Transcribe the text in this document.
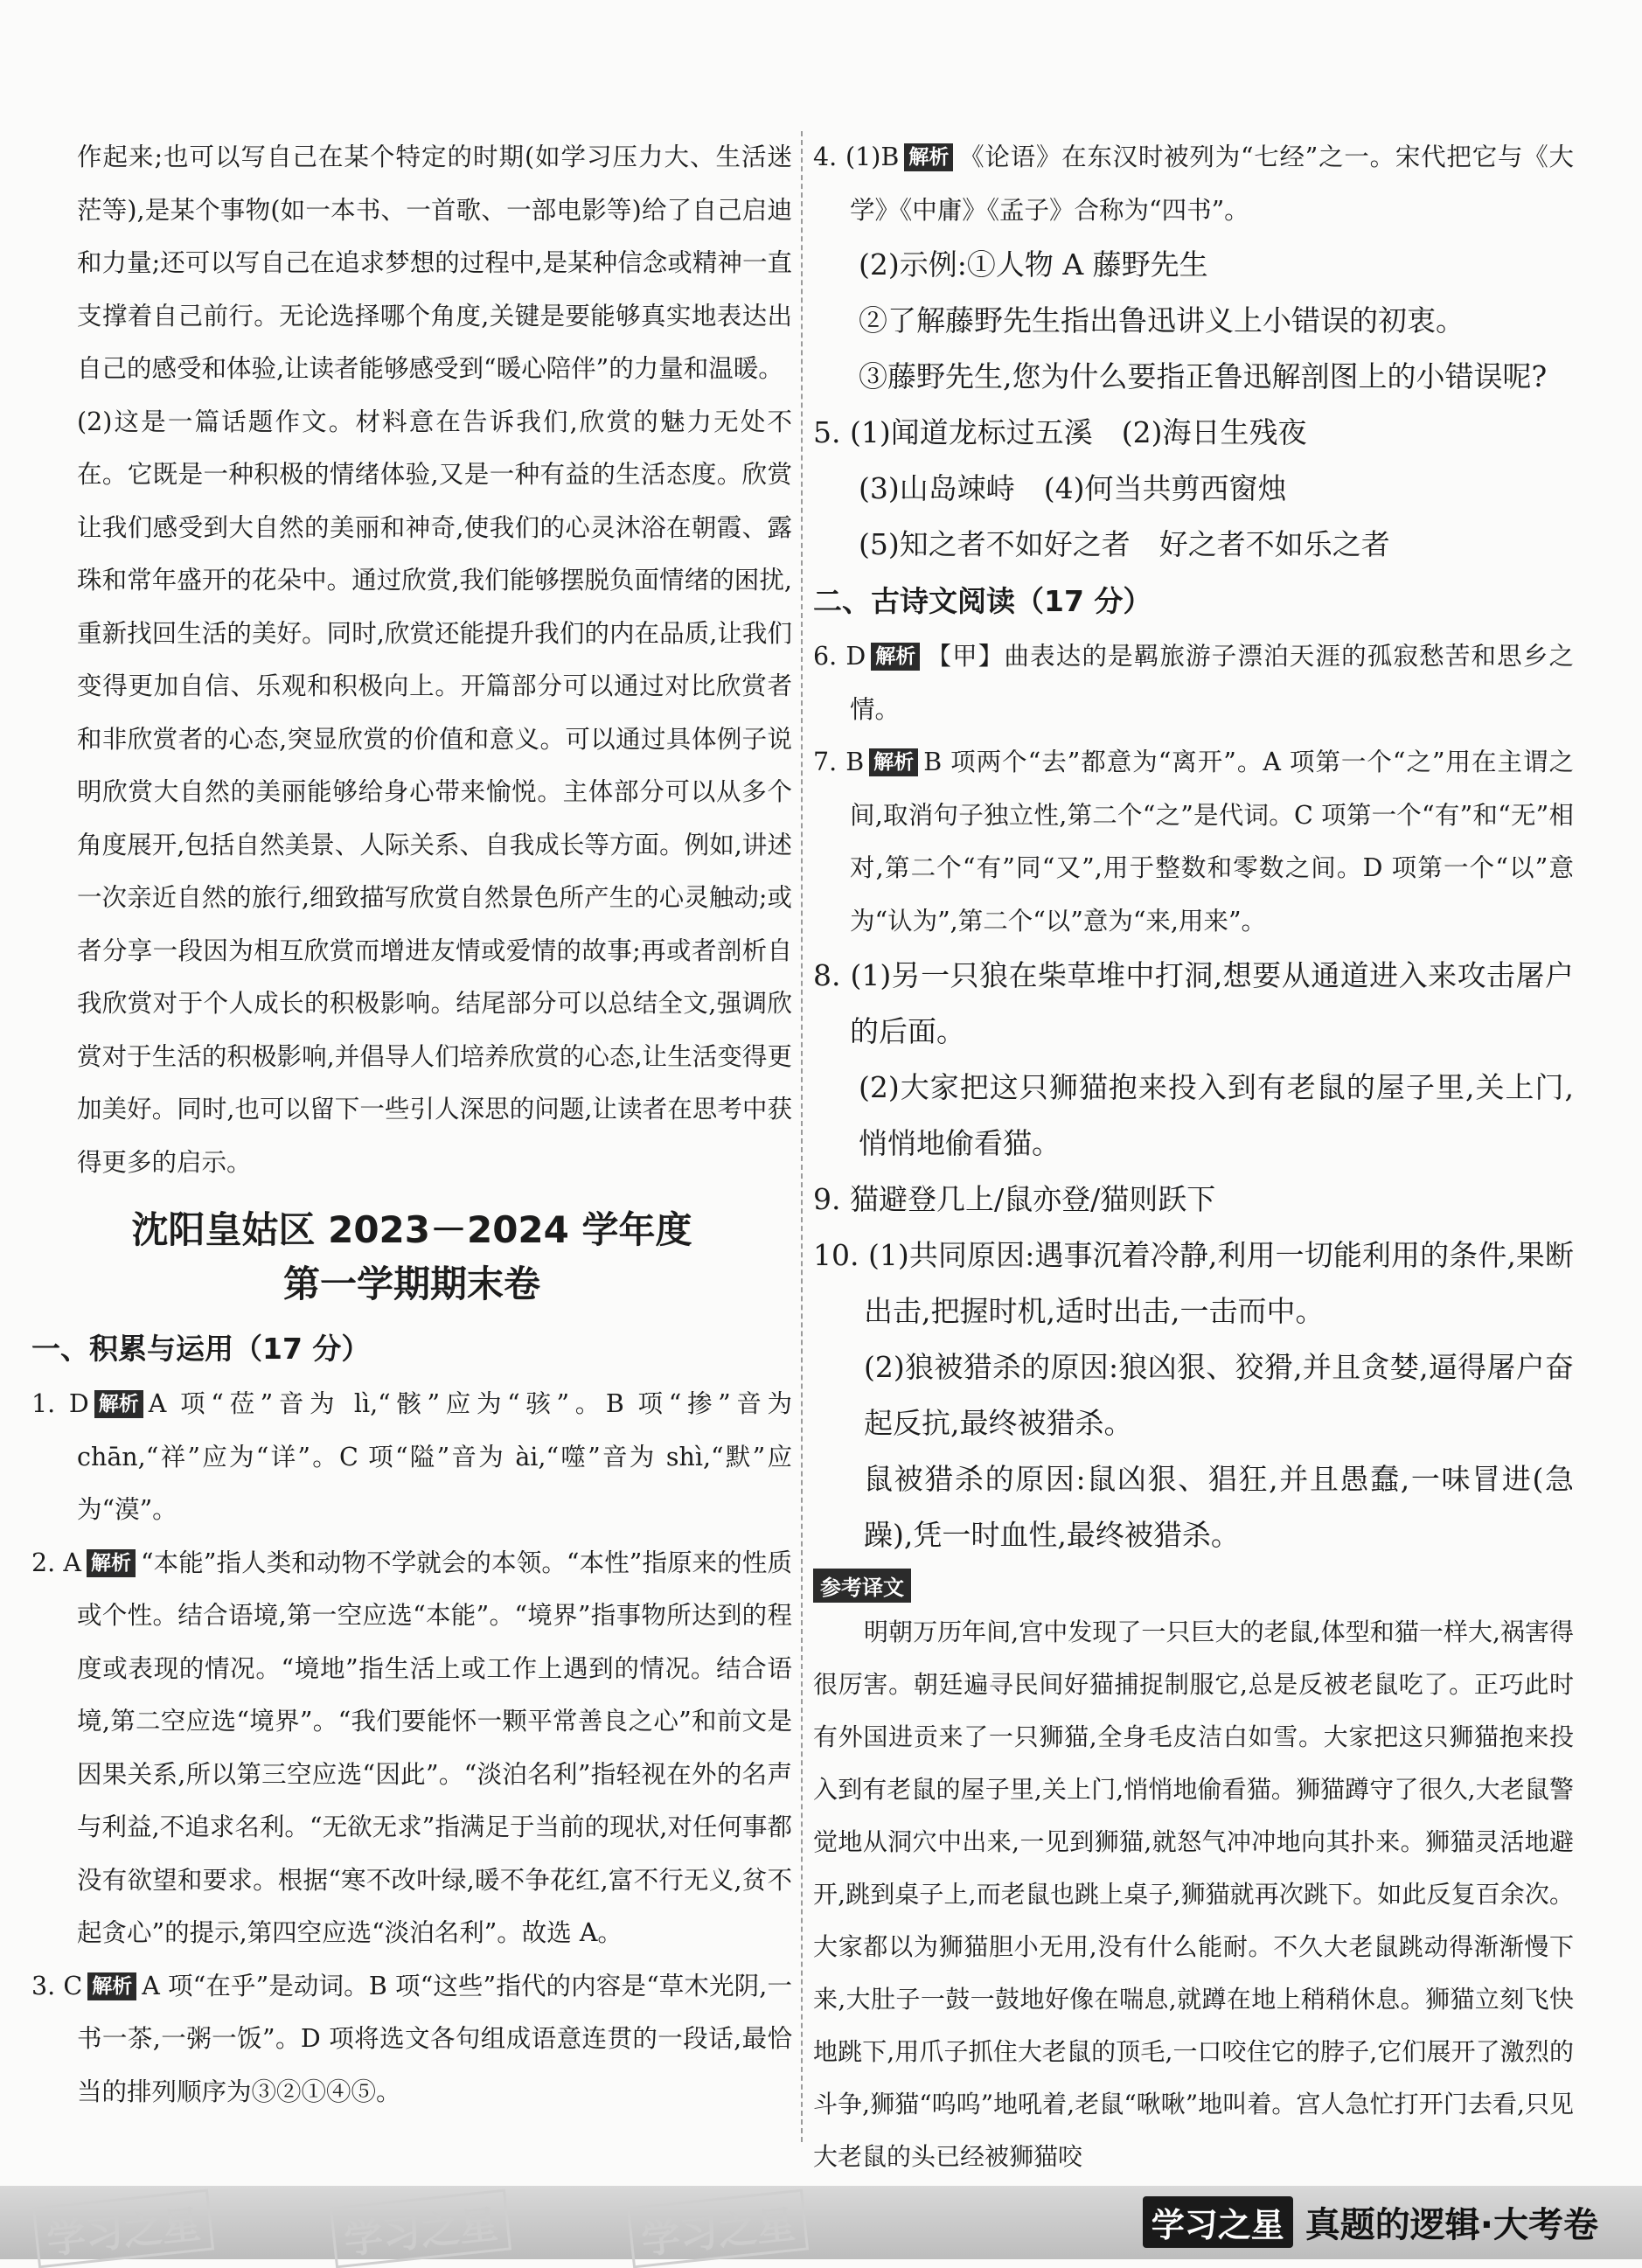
作起来;也可以写自己在某个特定的时期(如学习压力大、生活迷茫等),是某个事物(如一本书、一首歌、一部电影等)给了自己启迪和力量;还可以写自己在追求梦想的过程中,是某种信念或精神一直支撑着自己前行。无论选择哪个角度,关键是要能够真实地表达出自己的感受和体验,让读者能够感受到“暖心陪伴”的力量和温暖。

(2)这是一篇话题作文。材料意在告诉我们,欣赏的魅力无处不在。它既是一种积极的情绪体验,又是一种有益的生活态度。欣赏让我们感受到大自然的美丽和神奇,使我们的心灵沐浴在朝霞、露珠和常年盛开的花朵中。通过欣赏,我们能够摆脱负面情绪的困扰,重新找回生活的美好。同时,欣赏还能提升我们的内在品质,让我们变得更加自信、乐观和积极向上。开篇部分可以通过对比欣赏者和非欣赏者的心态,突显欣赏的价值和意义。可以通过具体例子说明欣赏大自然的美丽能够给身心带来愉悦。主体部分可以从多个角度展开,包括自然美景、人际关系、自我成长等方面。例如,讲述一次亲近自然的旅行,细致描写欣赏自然景色所产生的心灵触动;或者分享一段因为相互欣赏而增进友情或爱情的故事;再或者剖析自我欣赏对于个人成长的积极影响。结尾部分可以总结全文,强调欣赏对于生活的积极影响,并倡导人们培养欣赏的心态,让生活变得更加美好。同时,也可以留下一些引人深思的问题,让读者在思考中获得更多的启示。

沈阳皇姑区 2023－2024 学年度
第一学期期末卷
一、积累与运用（17 分）

1. D 解析 A 项“莅”音为 lì,“骸”应为“骇”。B 项“掺”音为 chān,“祥”应为“详”。C 项“隘”音为 ài,“噬”音为 shì,“默”应为“漠”。

2. A 解析 “本能”指人类和动物不学就会的本领。“本性”指原来的性质或个性。结合语境,第一空应选“本能”。“境界”指事物所达到的程度或表现的情况。“境地”指生活上或工作上遇到的情况。结合语境,第二空应选“境界”。“我们要能怀一颗平常善良之心”和前文是因果关系,所以第三空应选“因此”。“淡泊名利”指轻视在外的名声与利益,不追求名利。“无欲无求”指满足于当前的现状,对任何事都没有欲望和要求。根据“寒不改叶绿,暖不争花红,富不行无义,贫不起贪心”的提示,第四空应选“淡泊名利”。故选 A。

3. C 解析 A 项“在乎”是动词。B 项“这些”指代的内容是“草木光阴,一书一茶,一粥一饭”。D 项将选文各句组成语意连贯的一段话,最恰当的排列顺序为③②①④⑤。

4. (1)B 解析 《论语》在东汉时被列为“七经”之一。宋代把它与《大学》《中庸》《孟子》合称为“四书”。

(2)示例:①人物 A 藤野先生

②了解藤野先生指出鲁迅讲义上小错误的初衷。

③藤野先生,您为什么要指正鲁迅解剖图上的小错误呢?

5. (1)闻道龙标过五溪　(2)海日生残夜

(3)山岛竦峙　(4)何当共剪西窗烛

(5)知之者不如好之者　好之者不如乐之者

二、古诗文阅读（17 分）

6. D 解析 【甲】曲表达的是羁旅游子漂泊天涯的孤寂愁苦和思乡之情。

7. B 解析 B 项两个“去”都意为“离开”。A 项第一个“之”用在主谓之间,取消句子独立性,第二个“之”是代词。C 项第一个“有”和“无”相对,第二个“有”同“又”,用于整数和零数之间。D 项第一个“以”意为“认为”,第二个“以”意为“来,用来”。

8. (1)另一只狼在柴草堆中打洞,想要从通道进入来攻击屠户的后面。

(2)大家把这只狮猫抱来投入到有老鼠的屋子里,关上门,悄悄地偷看猫。

9. 猫避登几上/鼠亦登/猫则跃下

10. (1)共同原因:遇事沉着冷静,利用一切能利用的条件,果断出击,把握时机,适时出击,一击而中。

(2)狼被猎杀的原因:狼凶狠、狡猾,并且贪婪,逼得屠户奋起反抗,最终被猎杀。

鼠被猎杀的原因:鼠凶狠、猖狂,并且愚蠢,一味冒进(急躁),凭一时血性,最终被猎杀。

参考译文

明朝万历年间,宫中发现了一只巨大的老鼠,体型和猫一样大,祸害得很厉害。朝廷遍寻民间好猫捕捉制服它,总是反被老鼠吃了。正巧此时有外国进贡来了一只狮猫,全身毛皮洁白如雪。大家把这只狮猫抱来投入到有老鼠的屋子里,关上门,悄悄地偷看猫。狮猫蹲守了很久,大老鼠警觉地从洞穴中出来,一见到狮猫,就怒气冲冲地向其扑来。狮猫灵活地避开,跳到桌子上,而老鼠也跳上桌子,狮猫就再次跳下。如此反复百余次。大家都以为狮猫胆小无用,没有什么能耐。不久大老鼠跳动得渐渐慢下来,大肚子一鼓一鼓地好像在喘息,就蹲在地上稍稍休息。狮猫立刻飞快地跳下,用爪子抓住大老鼠的顶毛,一口咬住它的脖子,它们展开了激烈的斗争,狮猫“呜呜”地吼着,老鼠“啾啾”地叫着。宫人急忙打开门去看,只见大老鼠的头已经被狮猫咬

学习之星	学习之星	学习之星	学习之星 真题的逻辑·大考卷
